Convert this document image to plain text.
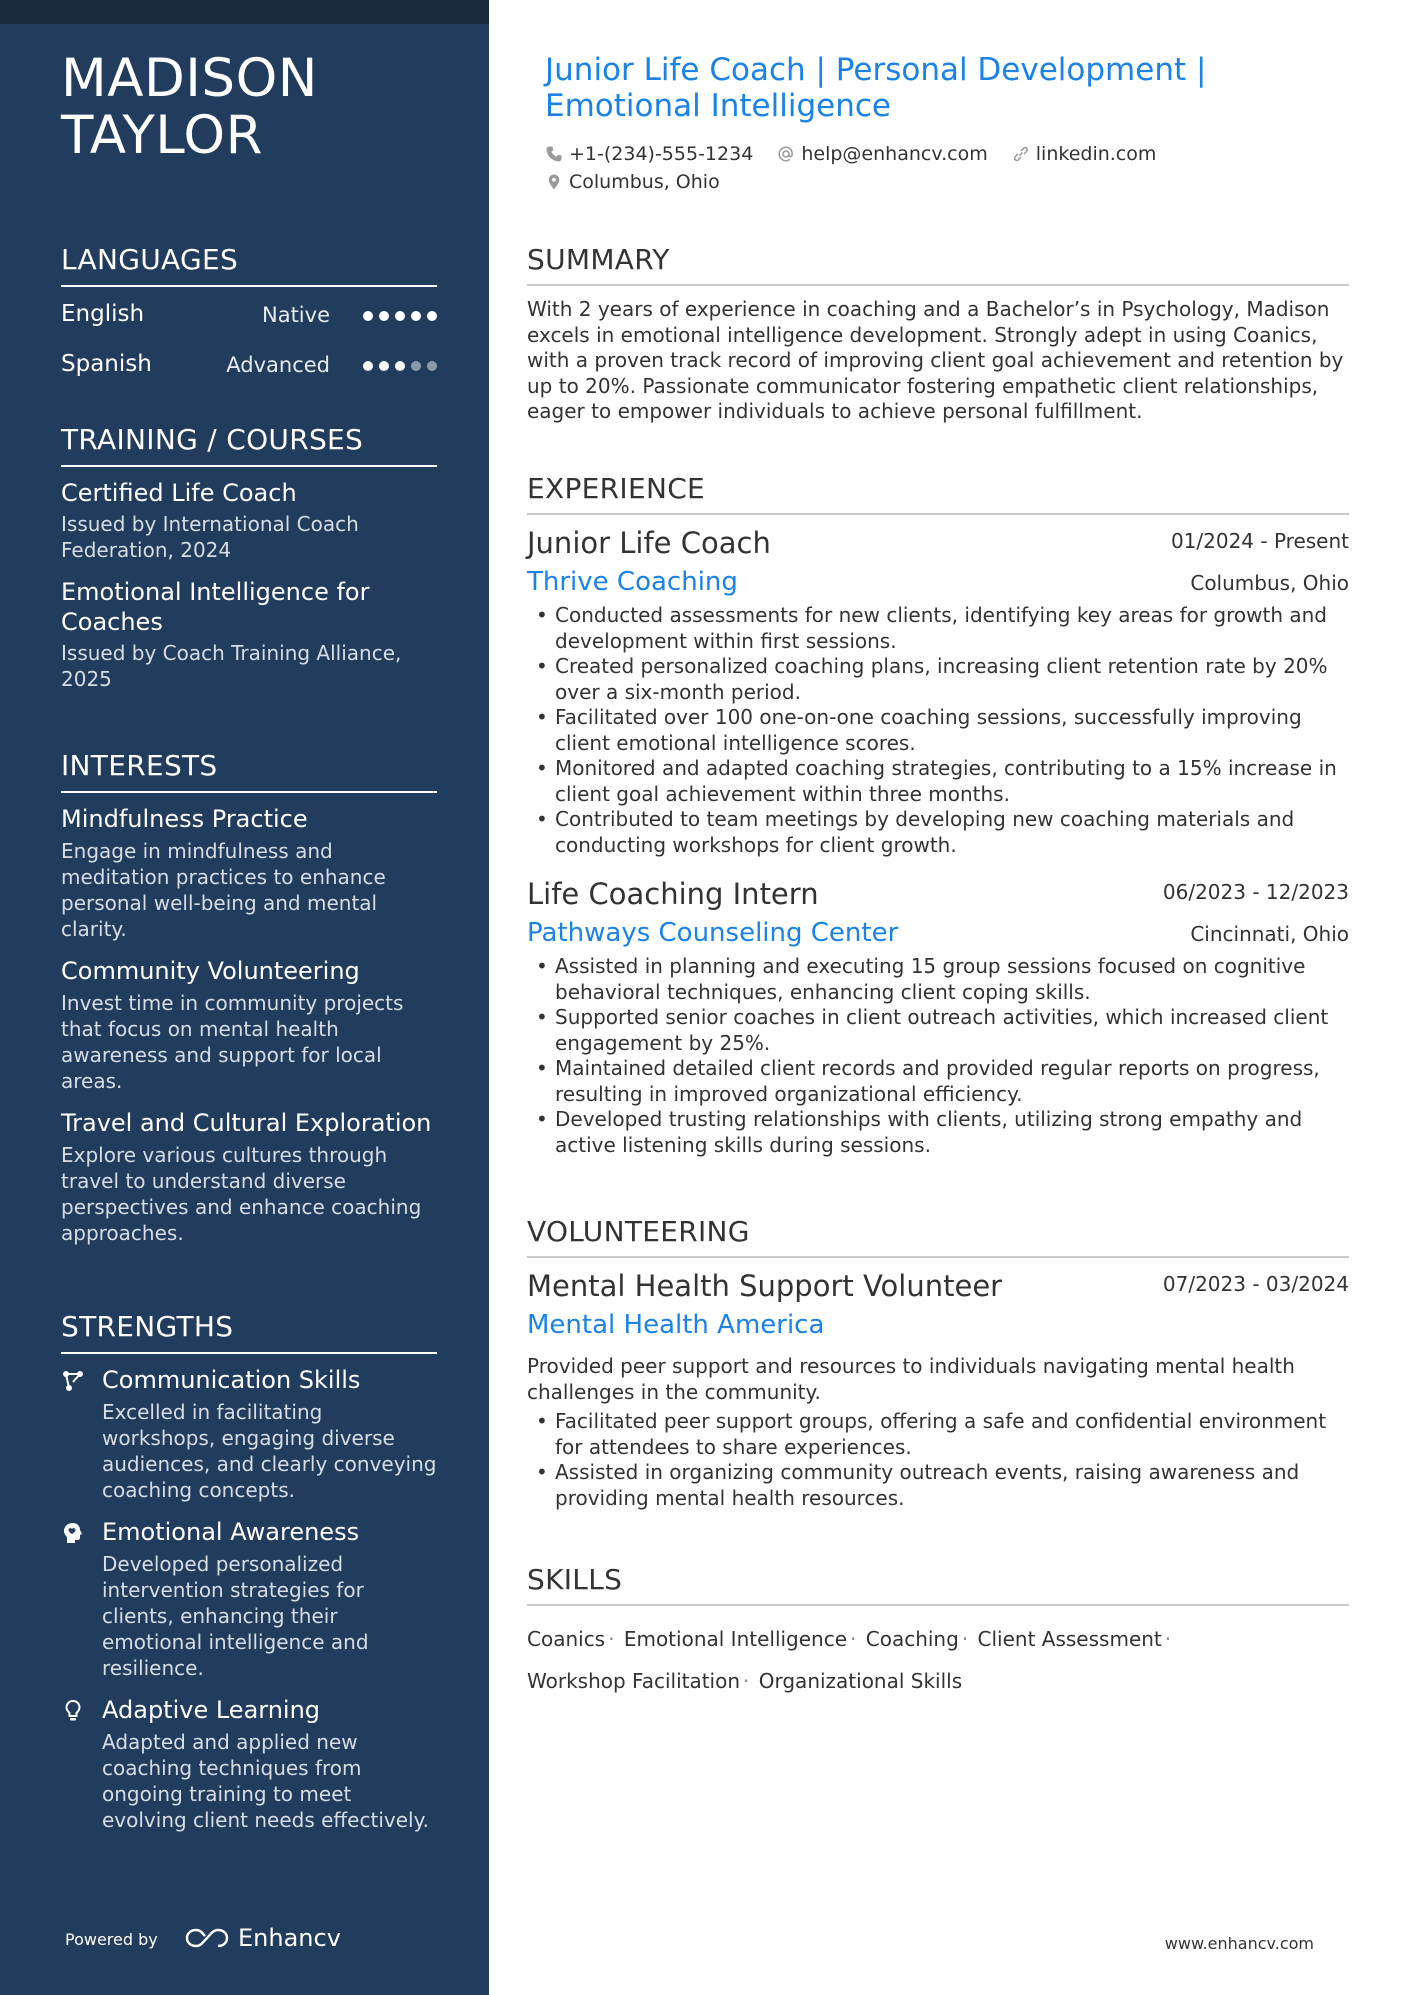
MADISON
TAYLOR
LANGUAGES
English	Native
Spanish	Advanced
TRAINING / COURSES
Certified Life Coach
Issued by International Coach Federation, 2024
Emotional Intelligence for Coaches
Issued by Coach Training Alliance, 2025
INTERESTS
Mindfulness Practice
Engage in mindfulness and meditation practices to enhance personal well-being and mental clarity.
Community Volunteering
Invest time in community projects that focus on mental health awareness and support for local areas.
Travel and Cultural Exploration
Explore various cultures through travel to understand diverse perspectives and enhance coaching approaches.
STRENGTHS
Communication Skills
Excelled in facilitating workshops, engaging diverse audiences, and clearly conveying coaching concepts.
Emotional Awareness
Developed personalized intervention strategies for clients, enhancing their emotional intelligence and resilience.
Adaptive Learning
Adapted and applied new coaching techniques from ongoing training to meet evolving client needs effectively.
Powered by	Enhancv
Junior Life Coach | Personal Development | Emotional Intelligence
+1-(234)-555-1234
	help@enhancv.com
	linkedin.com

Columbus, Ohio
SUMMARY
With 2 years of experience in coaching and a Bachelor’s in Psychology, Madison excels in emotional intelligence development. Strongly adept in using Coanics, with a proven track record of improving client goal achievement and retention by up to 20%. Passionate communicator fostering empathetic client relationships, eager to empower individuals to achieve personal fulfillment.
EXPERIENCE
Junior Life Coach	01/2024 - Present
Thrive Coaching	Columbus, Ohio
• Conducted assessments for new clients, identifying key areas for growth and development within first sessions.
• Created personalized coaching plans, increasing client retention rate by 20% over a six-month period.
• Facilitated over 100 one-on-one coaching sessions, successfully improving client emotional intelligence scores.
• Monitored and adapted coaching strategies, contributing to a 15% increase in client goal achievement within three months.
• Contributed to team meetings by developing new coaching materials and conducting workshops for client growth.
Life Coaching Intern	06/2023 - 12/2023
Pathways Counseling Center	Cincinnati, Ohio
• Assisted in planning and executing 15 group sessions focused on cognitive behavioral techniques, enhancing client coping skills.
• Supported senior coaches in client outreach activities, which increased client engagement by 25%.
• Maintained detailed client records and provided regular reports on progress, resulting in improved organizational efficiency.
• Developed trusting relationships with clients, utilizing strong empathy and active listening skills during sessions.
VOLUNTEERING
Mental Health Support Volunteer	07/2023 - 03/2024
Mental Health America
Provided peer support and resources to individuals navigating mental health challenges in the community.
• Facilitated peer support groups, offering a safe and confidential environment for attendees to share experiences.
• Assisted in organizing community outreach events, raising awareness and providing mental health resources.
SKILLS
Coanics · Emotional Intelligence · Coaching · Client Assessment ·
Workshop Facilitation · Organizational Skills
www.enhancv.com
